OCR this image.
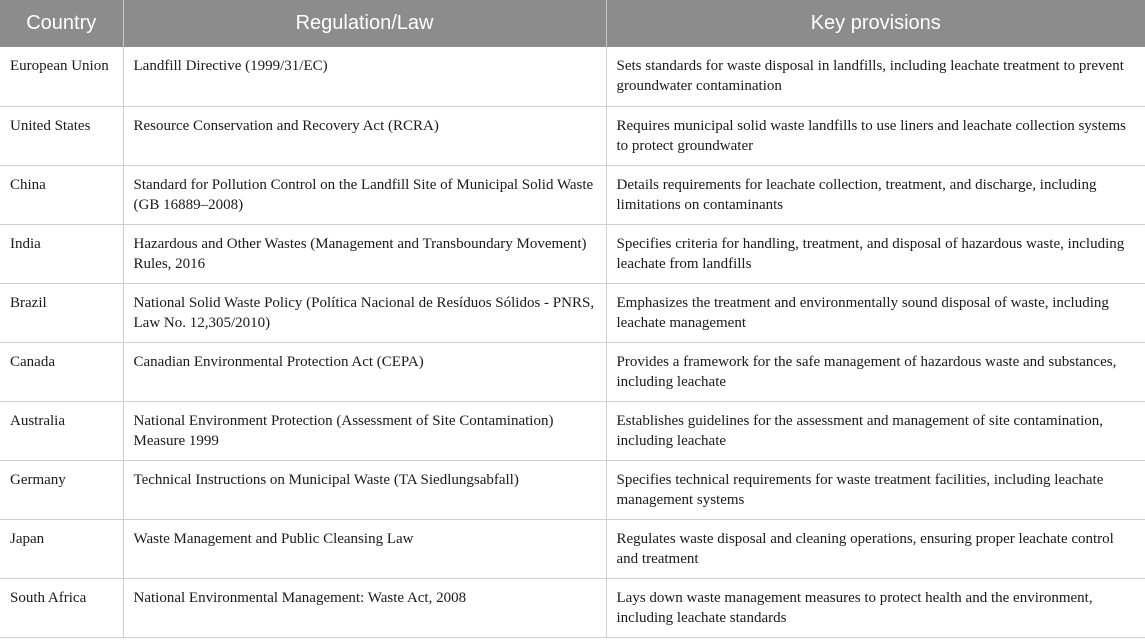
Country	Regulation/Law	Key provisions
European Union	Landfill Directive (1999/31/EC)	Sets standards for waste disposal in landfills, including leachate treatment to prevent groundwater contamination
United States	Resource Conservation and Recovery Act (RCRA)	Requires municipal solid waste landfills to use liners and leachate collection systems to protect groundwater
China	Standard for Pollution Control on the Landfill Site of Municipal Solid Waste (GB 16889–2008)	Details requirements for leachate collection, treatment, and discharge, including limitations on contaminants
India	Hazardous and Other Wastes (Management and Transboundary Movement) Rules, 2016	Specifies criteria for handling, treatment, and disposal of hazardous waste, including leachate from landfills
Brazil	National Solid Waste Policy (Política Nacional de Resíduos Sólidos - PNRS, Law No. 12,305/2010)	Emphasizes the treatment and environmentally sound disposal of waste, including leachate management
Canada	Canadian Environmental Protection Act (CEPA)	Provides a framework for the safe management of hazardous waste and substances, including leachate
Australia	National Environment Protection (Assessment of Site Contamination) Measure 1999	Establishes guidelines for the assessment and management of site contamination, including leachate
Germany	Technical Instructions on Municipal Waste (TA Siedlungsabfall)	Specifies technical requirements for waste treatment facilities, including leachate management systems
Japan	Waste Management and Public Cleansing Law	Regulates waste disposal and cleaning operations, ensuring proper leachate control and treatment
South Africa	National Environmental Management: Waste Act, 2008	Lays down waste management measures to protect health and the environment, including leachate standards
